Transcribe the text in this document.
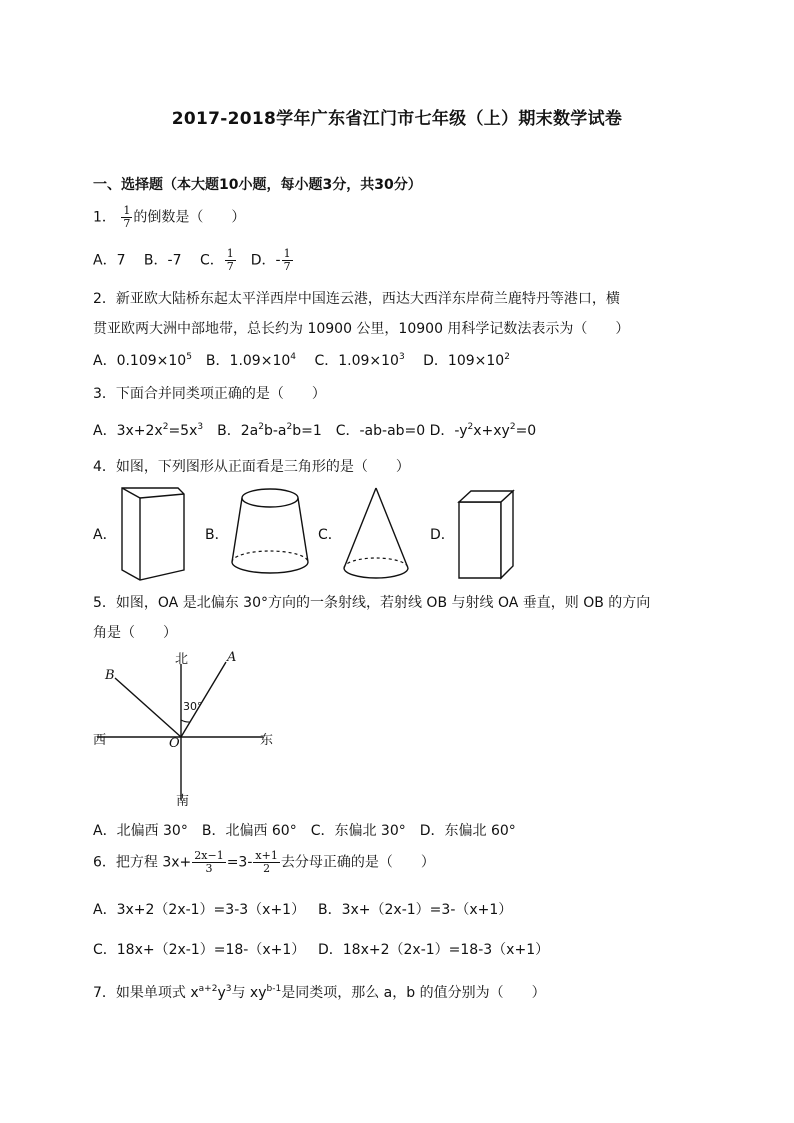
2017-2018学年广东省江门市七年级（上）期末数学试卷
一、选择题（本大题10小题，每小题3分，共30分）
1． $\frac{1}{7}$ 的倒数是（　　）
A．7　 B．-7　 C． $\frac{1}{7}$ 　D．- $\frac{1}{7}$
2．新亚欧大陆桥东起太平洋西岸中国连云港，西达大西洋东岸荷兰鹿特丹等港口，横
贯亚欧两大洲中部地带，总长约为 10900 公里，10900 用科学记数法表示为（　　）
A．$0.109\times 10^5$　B．$1.09\times 10^4$　 C．$1.09\times 10^3$　 D．$109\times 10^2$
3．下面合并同类项正确的是（　　）
A．$3x+2x^2=5x^3$　B．$2a^2b-a^2b=1$　C．-ab-ab=0 D．$-y^2x+xy^2=0$
4．如图，下列图形从正面看是三角形的是（　　）
A．	B．	C．	D．
5．如图，OA 是北偏东 30°方向的一条射线，若射线 OB 与射线 OA 垂直，则 OB 的方向
角是（　　）
北
南
西	东
A
B
O
30°
A．北偏西 30°　B．北偏西 60°　C．东偏北 30°　D．东偏北 60°
6．把方程 $3x+ \frac{2x-1}{3} =3- \frac{x+1}{2}$ 去分母正确的是（　　）
A．3x+2（2x-1）=3-3（x+1） B．3x+（2x-1）=3-（x+1）
C．18x+（2x-1）=18-（x+1） D．18x+2（2x-1）=18-3（x+1）
7．如果单项式 $x^{a+2}y^3$与 $xy^{b-1}$是同类项，那么 a，b 的值分别为（　　）
